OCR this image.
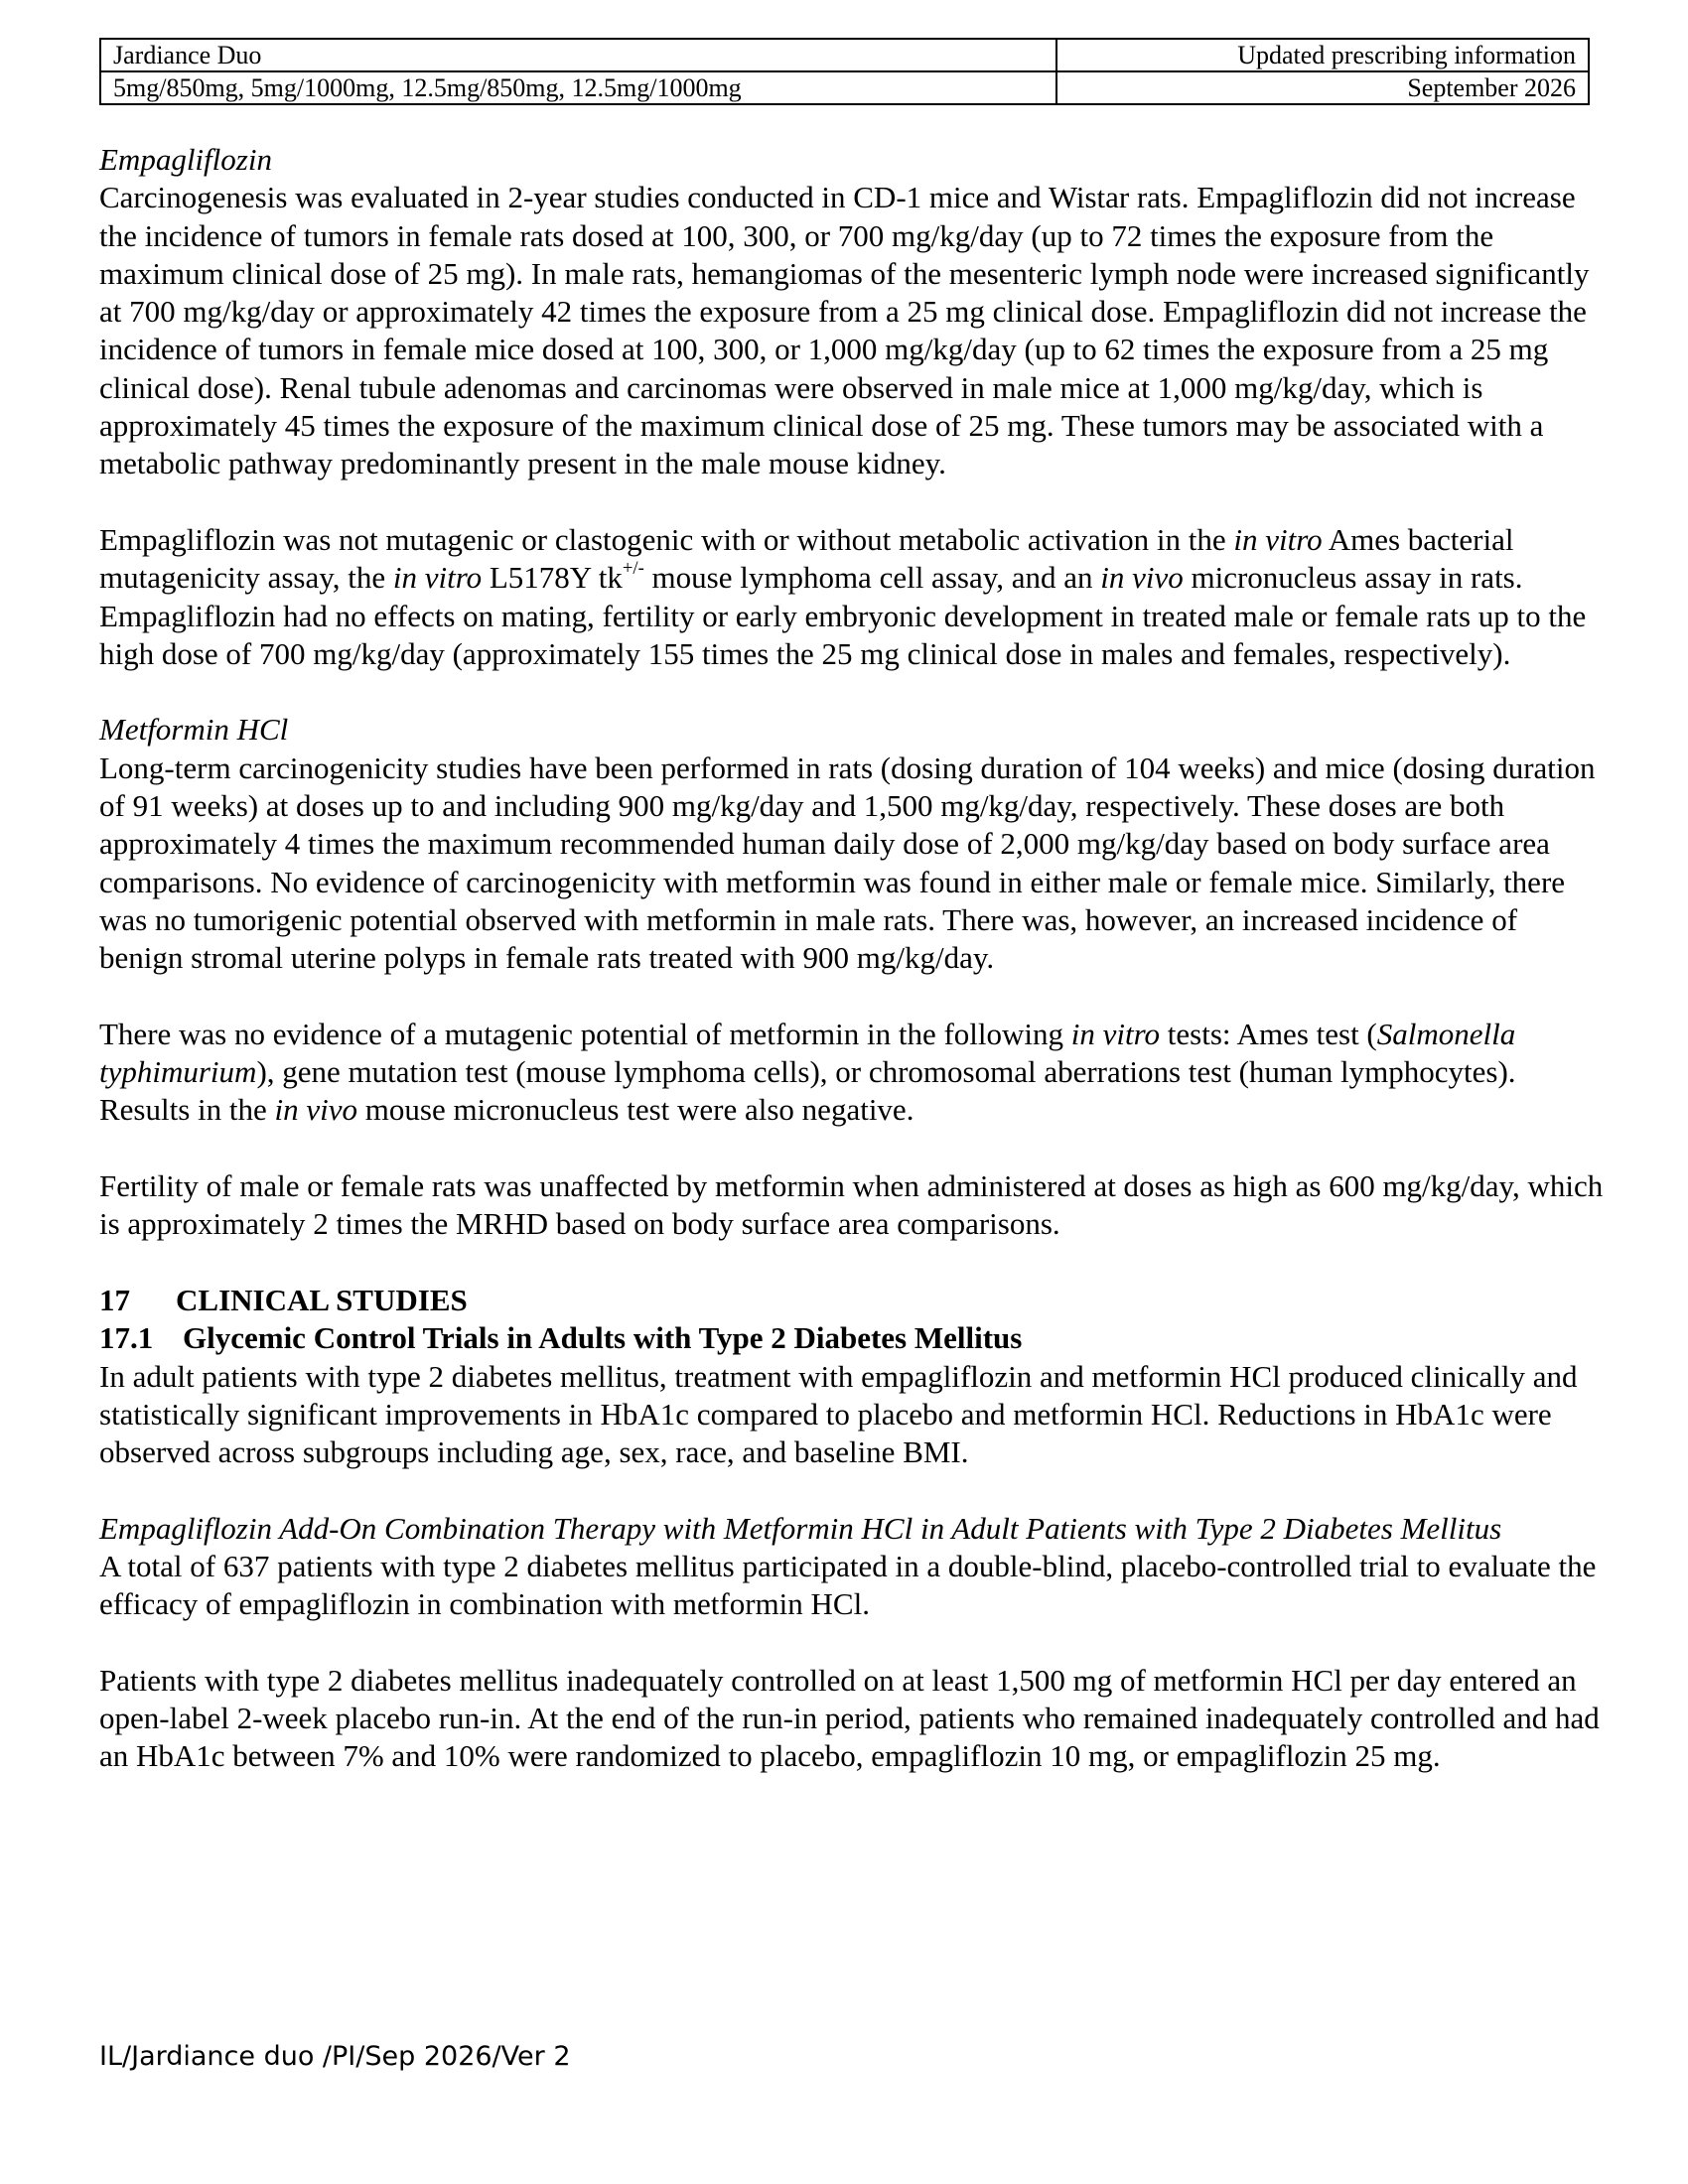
Jardiance Duo	Updated prescribing information
5mg/850mg, 5mg/1000mg, 12.5mg/850mg, 12.5mg/1000mg	September 2026

Empagliflozin

Carcinogenesis was evaluated in 2-year studies conducted in CD-1 mice and Wistar rats. Empagliflozin did not increase the incidence of tumors in female rats dosed at 100, 300, or 700 mg/kg/day (up to 72 times the exposure from the maximum clinical dose of 25 mg). In male rats, hemangiomas of the mesenteric lymph node were increased significantly at 700 mg/kg/day or approximately 42 times the exposure from a 25 mg clinical dose. Empagliflozin did not increase the incidence of tumors in female mice dosed at 100, 300, or 1,000 mg/kg/day (up to 62 times the exposure from a 25 mg clinical dose). Renal tubule adenomas and carcinomas were observed in male mice at 1,000 mg/kg/day, which is approximately 45 times the exposure of the maximum clinical dose of 25 mg. These tumors may be associated with a metabolic pathway predominantly present in the male mouse kidney.

Empagliflozin was not mutagenic or clastogenic with or without metabolic activation in the in vitro Ames bacterial mutagenicity assay, the in vitro L5178Y tk+/- mouse lymphoma cell assay, and an in vivo micronucleus assay in rats.

Empagliflozin had no effects on mating, fertility or early embryonic development in treated male or female rats up to the high dose of 700 mg/kg/day (approximately 155 times the 25 mg clinical dose in males and females, respectively).

Metformin HCl

Long-term carcinogenicity studies have been performed in rats (dosing duration of 104 weeks) and mice (dosing duration of 91 weeks) at doses up to and including 900 mg/kg/day and 1,500 mg/kg/day, respectively. These doses are both approximately 4 times the maximum recommended human daily dose of 2,000 mg/kg/day based on body surface area comparisons. No evidence of carcinogenicity with metformin was found in either male or female mice. Similarly, there was no tumorigenic potential observed with metformin in male rats. There was, however, an increased incidence of benign stromal uterine polyps in female rats treated with 900 mg/kg/day.

There was no evidence of a mutagenic potential of metformin in the following in vitro tests: Ames test (Salmonella typhimurium), gene mutation test (mouse lymphoma cells), or chromosomal aberrations test (human lymphocytes). Results in the in vivo mouse micronucleus test were also negative.

Fertility of male or female rats was unaffected by metformin when administered at doses as high as 600 mg/kg/day, which is approximately 2 times the MRHD based on body surface area comparisons.

17 CLINICAL STUDIES

17.1 Glycemic Control Trials in Adults with Type 2 Diabetes Mellitus

In adult patients with type 2 diabetes mellitus, treatment with empagliflozin and metformin HCl produced clinically and statistically significant improvements in HbA1c compared to placebo and metformin HCl. Reductions in HbA1c were observed across subgroups including age, sex, race, and baseline BMI.

Empagliflozin Add-On Combination Therapy with Metformin HCl in Adult Patients with Type 2 Diabetes Mellitus

A total of 637 patients with type 2 diabetes mellitus participated in a double-blind, placebo-controlled trial to evaluate the efficacy of empagliflozin in combination with metformin HCl.

Patients with type 2 diabetes mellitus inadequately controlled on at least 1,500 mg of metformin HCl per day entered an open-label 2-week placebo run-in. At the end of the run-in period, patients who remained inadequately controlled and had an HbA1c between 7% and 10% were randomized to placebo, empagliflozin 10 mg, or empagliflozin 25 mg.

IL/Jardiance duo /PI/Sep 2026/Ver 2
